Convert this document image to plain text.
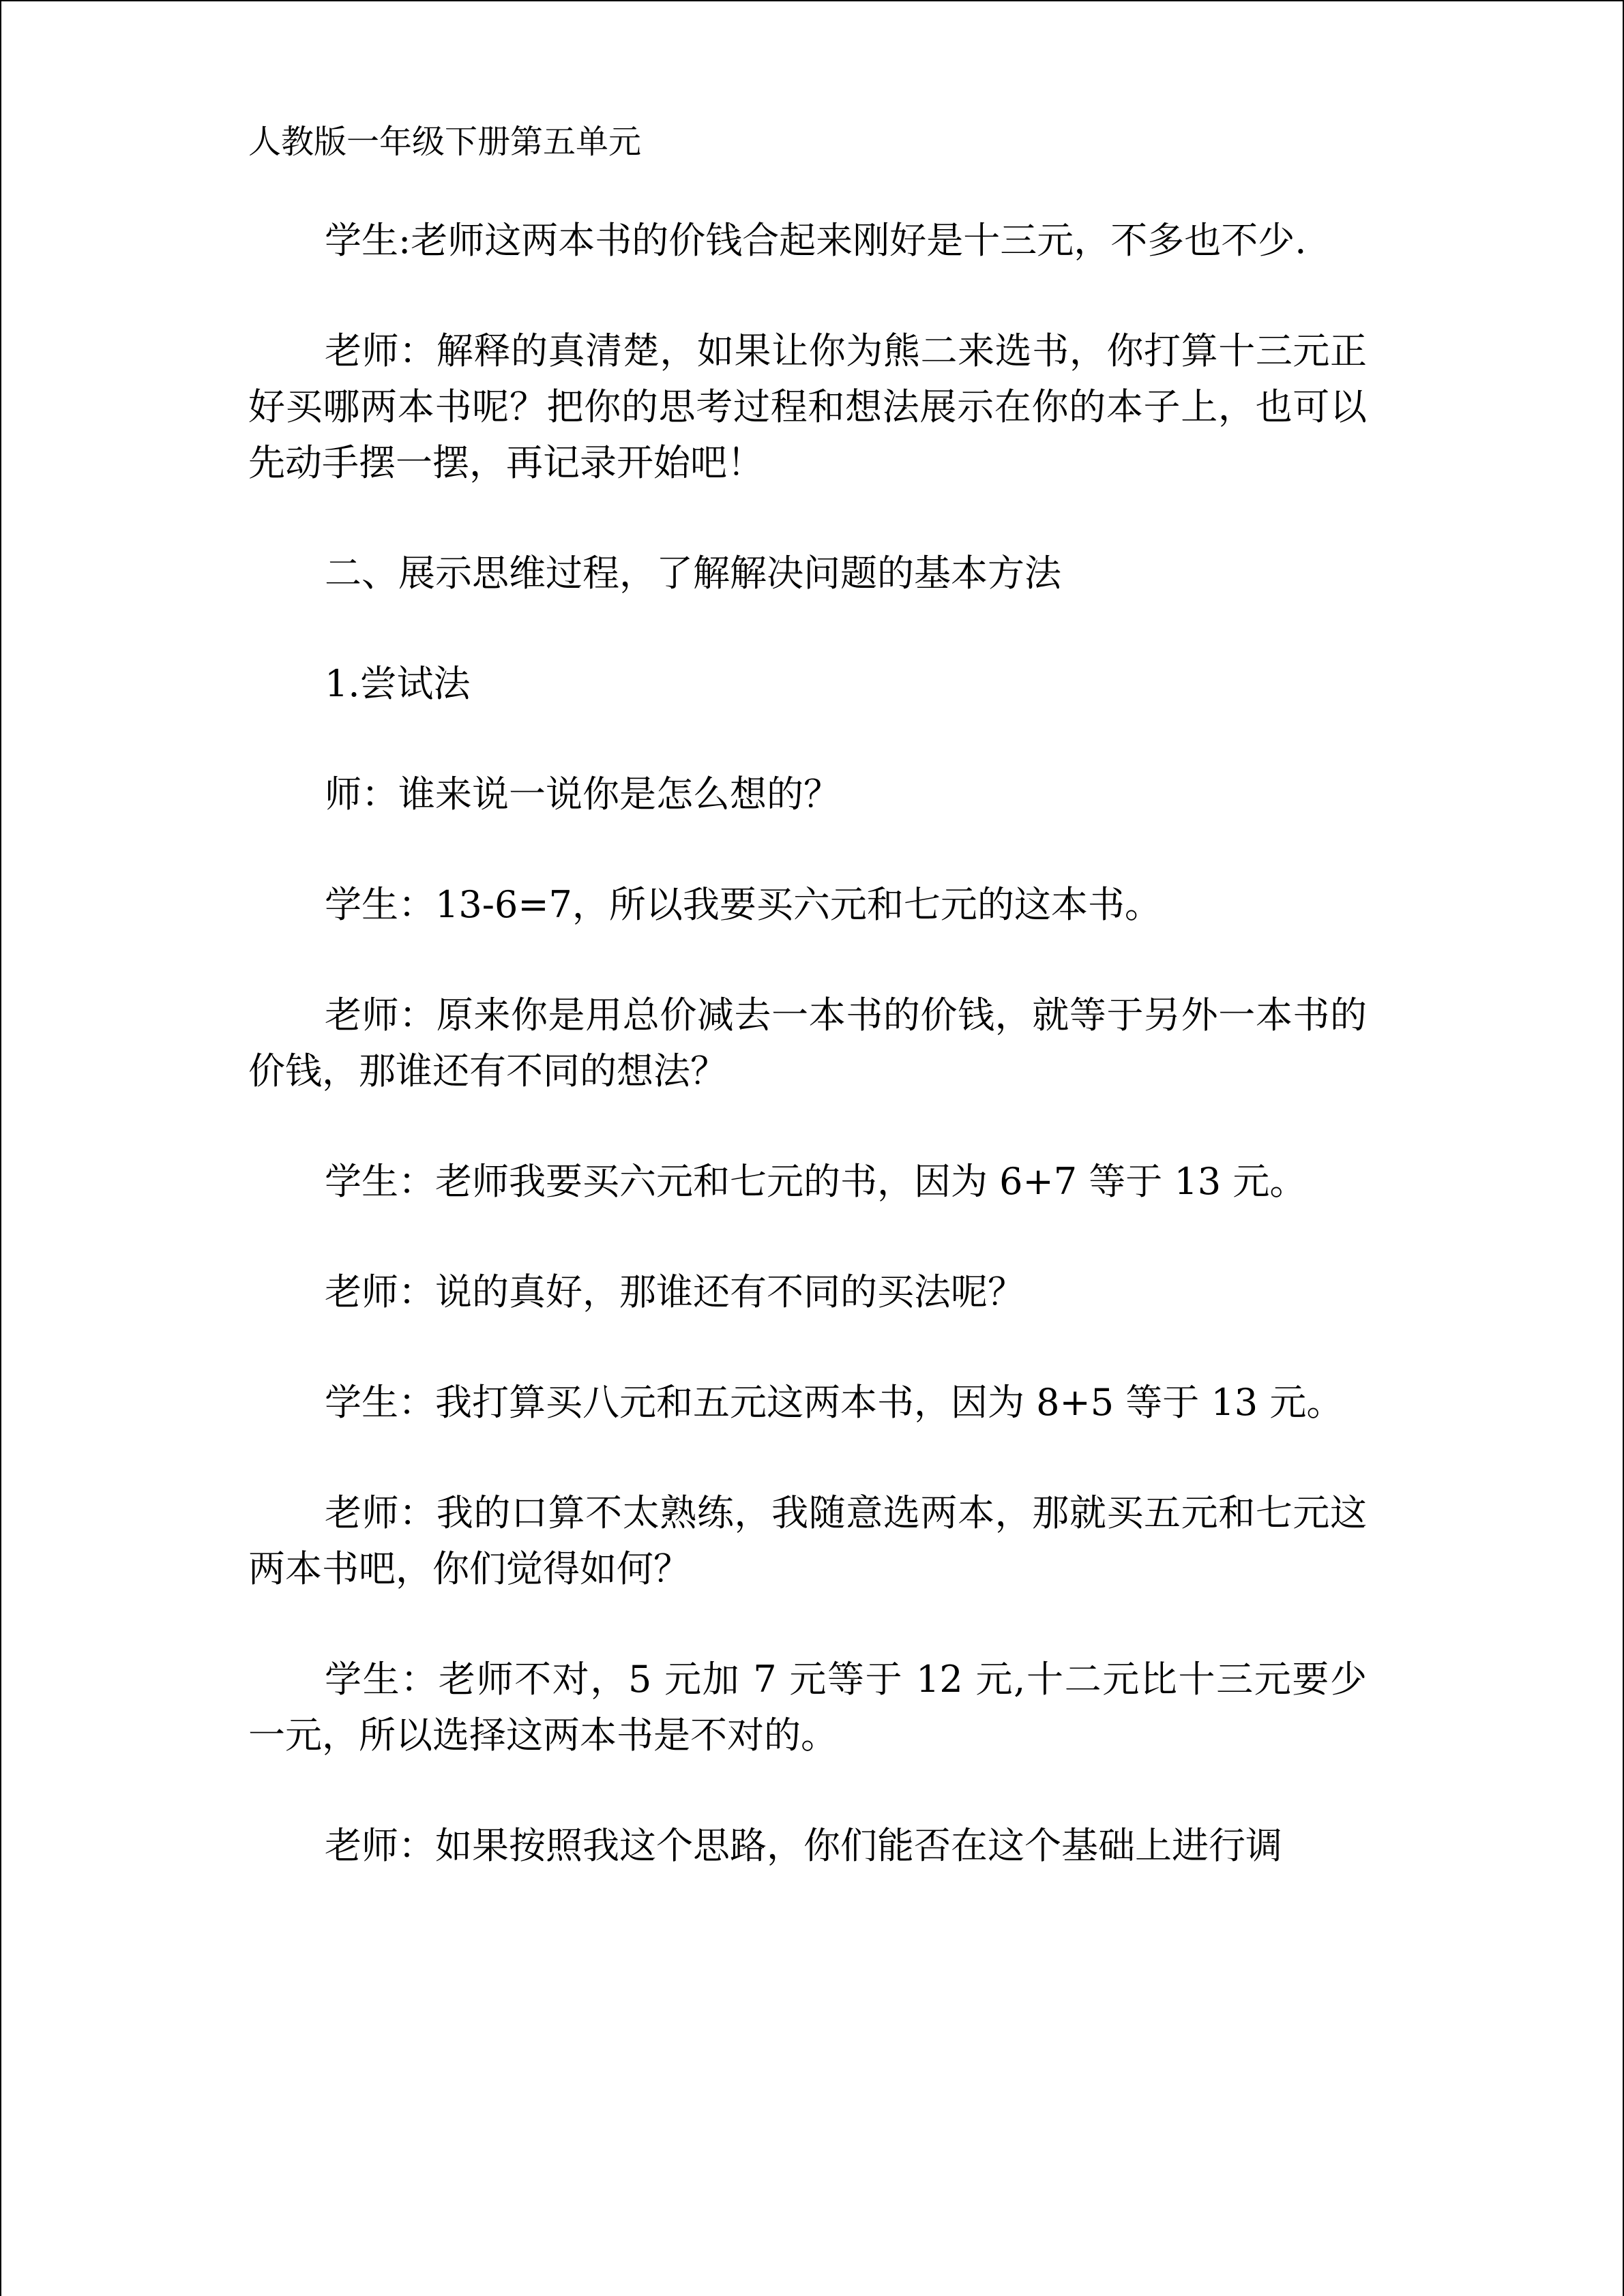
人教版一年级下册第五单元

学生:老师这两本书的价钱合起来刚好是十三元，不多也不少.

老师：解释的真清楚，如果让你为熊二来选书，你打算十三元正好买哪两本书呢？把你的思考过程和想法展示在你的本子上，也可以先动手摆一摆，再记录开始吧！

二、展示思维过程，了解解决问题的基本方法

1.尝试法

师：谁来说一说你是怎么想的？

学生：13-6=7，所以我要买六元和七元的这本书。

老师：原来你是用总价减去一本书的价钱，就等于另外一本书的价钱，那谁还有不同的想法？

学生：老师我要买六元和七元的书，因为 6+7 等于 13 元。

老师：说的真好，那谁还有不同的买法呢？

学生：我打算买八元和五元这两本书，因为 8+5 等于 13 元。

老师：我的口算不太熟练，我随意选两本，那就买五元和七元这两本书吧，你们觉得如何？

学生：老师不对，5 元加 7 元等于 12 元,十二元比十三元要少一元，所以选择这两本书是不对的。

老师：如果按照我这个思路，你们能否在这个基础上进行调
